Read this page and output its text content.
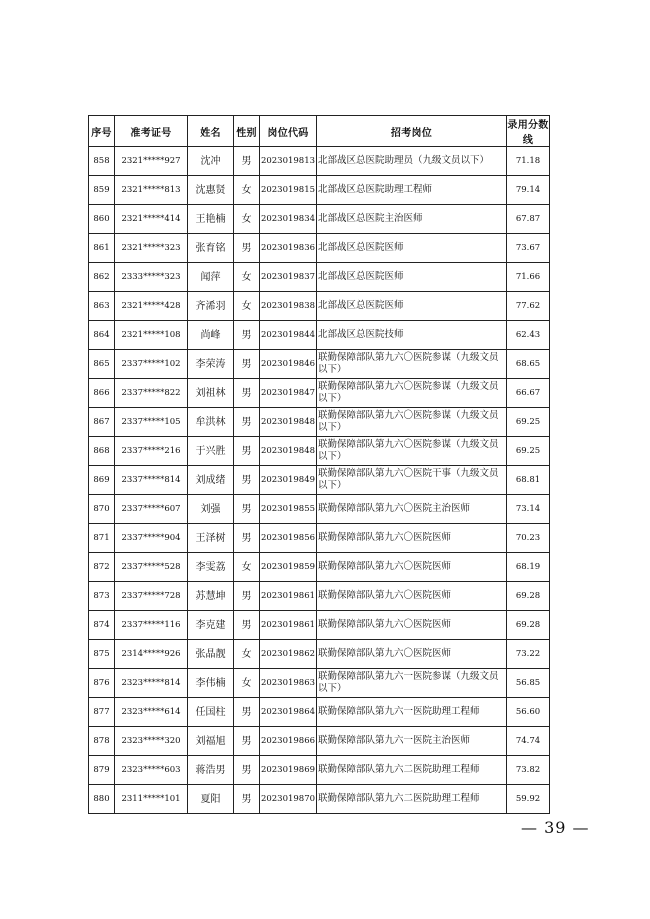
序号	准考证号	姓名	性别	岗位代码	招考岗位	录用分数线
858	2321*****927	沈冲	男	2023019813	北部战区总医院助理员（九级文员以下）	71.18
859	2321*****813	沈惠贤	女	2023019815	北部战区总医院助理工程师	79.14
860	2321*****414	王艳楠	女	2023019834	北部战区总医院主治医师	67.87
861	2321*****323	张育铭	男	2023019836	北部战区总医院医师	73.67
862	2333*****323	闻萍	女	2023019837	北部战区总医院医师	71.66
863	2321*****428	齐浠羽	女	2023019838	北部战区总医院医师	77.62
864	2321*****108	尚峰	男	2023019844	北部战区总医院技师	62.43
865	2337*****102	李荣涛	男	2023019846	联勤保障部队第九六〇医院参谋（九级文员以下）	68.65
866	2337*****822	刘祖林	男	2023019847	联勤保障部队第九六〇医院参谋（九级文员以下）	66.67
867	2337*****105	牟洪林	男	2023019848	联勤保障部队第九六〇医院参谋（九级文员以下）	69.25
868	2337*****216	于兴胜	男	2023019848	联勤保障部队第九六〇医院参谋（九级文员以下）	69.25
869	2337*****814	刘成绪	男	2023019849	联勤保障部队第九六〇医院干事（九级文员以下）	68.81
870	2337*****607	刘强	男	2023019855	联勤保障部队第九六〇医院主治医师	73.14
871	2337*****904	王泽树	男	2023019856	联勤保障部队第九六〇医院医师	70.23
872	2337*****528	李雯荔	女	2023019859	联勤保障部队第九六〇医院医师	68.19
873	2337*****728	苏慧坤	男	2023019861	联勤保障部队第九六〇医院医师	69.28
874	2337*****116	李克建	男	2023019861	联勤保障部队第九六〇医院医师	69.28
875	2314*****926	张晶靓	女	2023019862	联勤保障部队第九六〇医院医师	73.22
876	2323*****814	李伟楠	女	2023019863	联勤保障部队第九六一医院参谋（九级文员以下）	56.85
877	2323*****614	任国柱	男	2023019864	联勤保障部队第九六一医院助理工程师	56.60
878	2323*****320	刘福旭	男	2023019866	联勤保障部队第九六一医院主治医师	74.74
879	2323*****603	蒋浩男	男	2023019869	联勤保障部队第九六二医院助理工程师	73.82
880	2311*****101	夏阳	男	2023019870	联勤保障部队第九六二医院助理工程师	59.92
— 39 —
